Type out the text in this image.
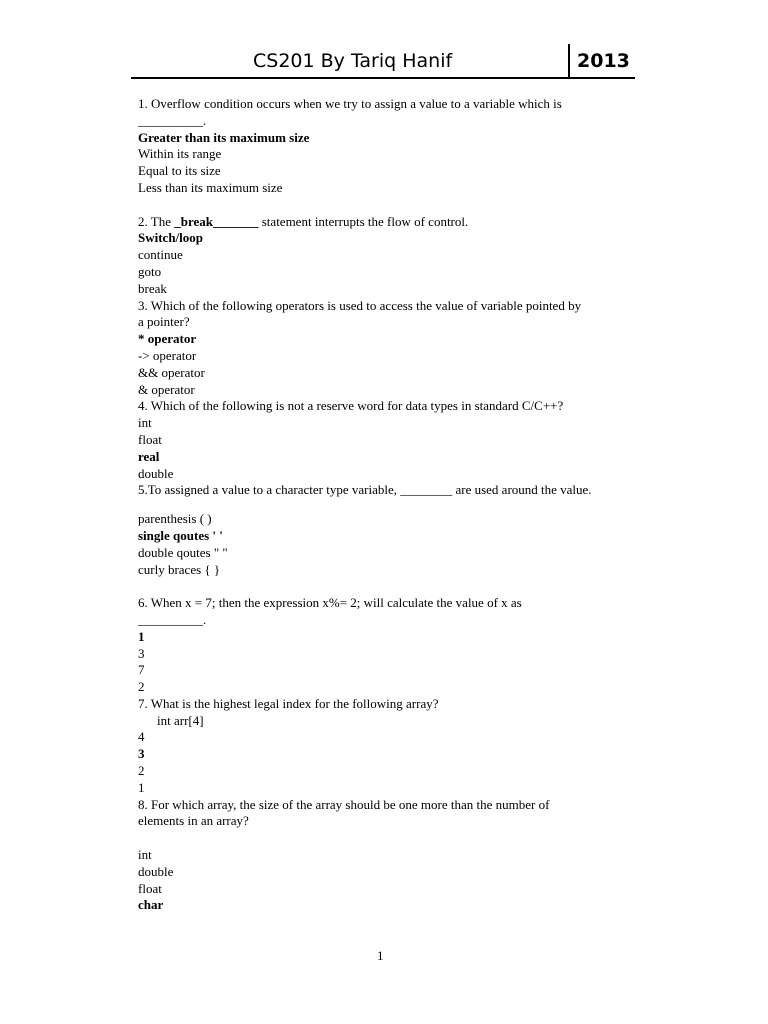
CS201 By Tariq Hanif	2013
1. Overflow condition occurs when we try to assign a value to a variable which is
__________.
Greater than its maximum size
Within its range
Equal to its size
Less than its maximum size
2. The _break_______ statement interrupts the flow of control.
Switch/loop
continue
goto
break
3. Which of the following operators is used to access the value of variable pointed by
a pointer?
* operator
-> operator
&& operator
& operator
4. Which of the following is not a reserve word for data types in standard C/C++?
int
float
real
double
5.To assigned a value to a character type variable, ________ are used around the value.
parenthesis ( )
single qoutes ' '
double qoutes " "
curly braces { }
6. When x = 7; then the expression x%= 2; will calculate the value of x as
__________.
1
3
7
2
7. What is the highest legal index for the following array?
int arr[4]
4
3
2
1
8. For which array, the size of the array should be one more than the number of
elements in an array?
int
double
float
char
1
